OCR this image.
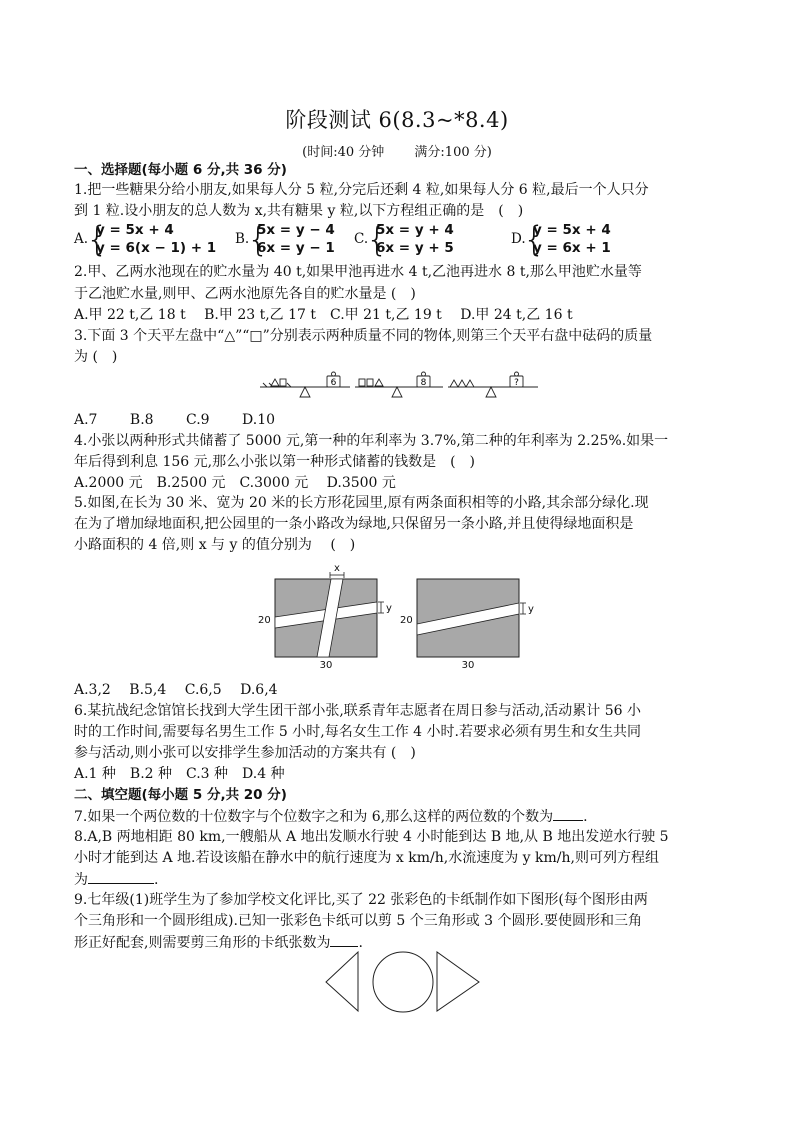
阶段测试 6(8.3~*8.4)
(时间:40 分钟　　 满分:100 分)
一、选择题(每小题 6 分,共 36 分)
1.把一些糖果分给小朋友,如果每人分 5 粒,分完后还剩 4 粒,如果每人分 6 粒,最后一个人只分
到 1 粒.设小朋友的总人数为 x,共有糖果 y 粒,以下方程组正确的是　(　)
A.
{
y = 5x + 4
y = 6(x − 1) + 1
B.
{
5x = y − 4
6x = y − 1
C.
{
5x = y + 4
6x = y + 5
D.
{
y = 5x + 4
y = 6x + 1
2.甲、乙两水池现在的贮水量为 40 t,如果甲池再进水 4 t,乙池再进水 8 t,那么甲池贮水量等
于乙池贮水量,则甲、乙两水池原先各自的贮水量是 (　)
A.甲 22 t,乙 18 t　 B.甲 23 t,乙 17 t　C.甲 21 t,乙 19 t　 D.甲 24 t,乙 16 t
3.下面 3 个天平左盘中“△”“□”分别表示两种质量不同的物体,则第三个天平右盘中砝码的质量
为 (　)
6	8	?
A.7　　 B.8　　 C.9　　 D.10
4.小张以两种形式共储蓄了 5000 元,第一种的年利率为 3.7%,第二种的年利率为 2.25%.如果一
年后得到利息 156 元,那么小张以第一种形式储蓄的钱数是　(　)
A.2000 元　B.2500 元　C.3000 元　 D.3500 元
5.如图,在长为 30 米、宽为 20 米的长方形花园里,原有两条面积相等的小路,其余部分绿化.现
在为了增加绿地面积,把公园里的一条小路改为绿地,只保留另一条小路,并且使得绿地面积是
小路面积的 4 倍,则 x 与 y 的值分别为　 (　)
x
y
20
30
y
20
30
A.3,2　 B.5,4　 C.6,5　 D.6,4
6.某抗战纪念馆馆长找到大学生团干部小张,联系青年志愿者在周日参与活动,活动累计 56 小
时的工作时间,需要每名男生工作 5 小时,每名女生工作 4 小时.若要求必须有男生和女生共同
参与活动,则小张可以安排学生参加活动的方案共有 (　)
A.1 种　B.2 种　C.3 种　D.4 种
二、填空题(每小题 5 分,共 20 分)
7.如果一个两位数的十位数字与个位数字之和为 6,那么这样的两位数的个数为 .
8.A,B 两地相距 80 km,一艘船从 A 地出发顺水行驶 4 小时能到达 B 地,从 B 地出发逆水行驶 5
小时才能到达 A 地.若设该船在静水中的航行速度为 x km/h,水流速度为 y km/h,则可列方程组
为	.
9.七年级(1)班学生为了参加学校文化评比,买了 22 张彩色的卡纸制作如下图形(每个图形由两
个三角形和一个圆形组成).已知一张彩色卡纸可以剪 5 个三角形或 3 个圆形.要使圆形和三角
形正好配套,则需要剪三角形的卡纸张数为 .
